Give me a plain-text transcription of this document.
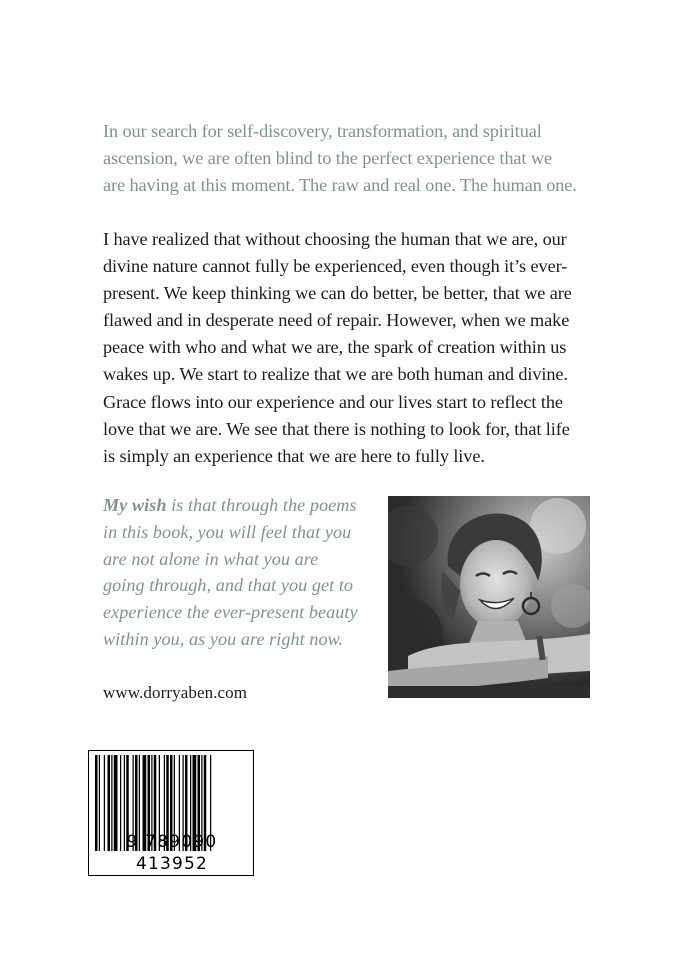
In our search for self-discovery, transformation, and spiritual
ascension, we are often blind to the perfect experience that we
are having at this moment. The raw and real one. The human one.

I have realized that without choosing the human that we are, our
divine nature cannot fully be experienced, even though it’s ever-
present. We keep thinking we can do better, be better, that we are
flawed and in desperate need of repair. However, when we make
peace with who and what we are, the spark of creation within us
wakes up. We start to realize that we are both human and divine.
Grace flows into our experience and our lives start to reflect the
love that we are. We see that there is nothing to look for, that life
is simply an experience that we are here to fully live.

My wish is that through the poems
in this book, you will feel that you
are not alone in what you are
going through, and that you get to
experience the ever-present beauty
within you, as you are right now.

www.dorryaben.com
9 789090 413952
